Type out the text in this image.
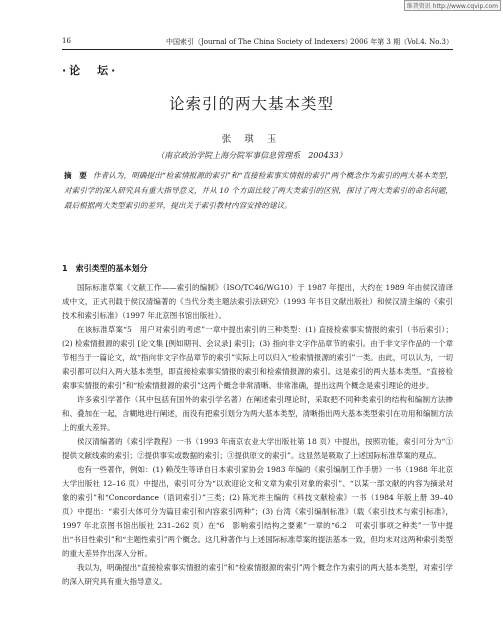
维普资讯 http://www.cqvip.com
16	中国索引（Journal of The China Society of Indexers）
2006 年第 3 期（Vol.4. No.3）
·论　坛·
论索引的两大基本类型
张 琪 玉
（南京政治学院上海分院军事信息管理系　200433）
摘　要 作者认为，明确提出“检索情报源的索引”和“直接检索事实情报的索引”两个概念作为索引的两大基本类型，对索引学的深入研究具有重大指导意义，并从 10 个方面比较了两大类索引的区别，探讨了两大类索引的命名问题，最后根据两大类型索引的差异，提出关于索引教材内容安排的建议。
1 索引类型的基本划分

国际标准草案《文献工作——索引的编制》（ISO/TC46/WG10）于 1987 年提出，大约在 1989 年由侯汉清译成中文，正式刊载于侯汉清编著的《当代分类主题法索引法研究》（1993 年书目文献出版社）和侯汉清主编的《索引技术和索引标准》（1997 年北京图书馆出版社）。

在该标准草案“5　用户对索引的考虑”一章中提出索引的三种类型：(1) 直接检索事实情报的索引（书后索引）；(2) 检索情报源的索引 [论文集 [例如期刊、会议录] 索引]；(3) 指向非文字作品章节的索引。由于非文字作品的一个章节相当于一篇论文，故“指向非文字作品章节的索引”实际上可以归入“检索情报源的索引”一类。由此，可以认为，一切索引都可以归入两大基本类型，即直接检索事实情报的索引和检索情报源的索引。这是索引的两大基本类型。“直接检索事实情报的索引”和“检索情报源的索引”这两个概念非常清晰、非常准确，提出这两个概念是索引理论的进步。

许多索引学著作（其中包括有国外的索引学名著）在阐述索引理论时，采取把不同种类索引的结构和编制方法掺和、叠加在一起，含糊地进行阐述，而没有把索引划分为两大基本类型，清晰指出两大基本类型索引在功用和编制方法上的重大差异。

侯汉清编著的《索引学教程》一书（1993 年南京农业大学出版社第 18 页）中提出，按照功能，索引可分为“①提供文献线索的索引；②提供事实或数据的索引；③提供原文的索引”。这显然是吸取了上述国际标准草案的观点。

也有一些著作，例如：(1) 赖茂生等译自日本索引家协会 1983 年编的《索引编制工作手册》一书（1988 年北京大学出版社 12–16 页）中提出，索引可分为“以欢迎论文和文章为索引对象的索引”、“以某一部文献的内容为摘录对象的索引”和“Concordance（语词索引）”三类；(2) 陈光祚主编的《科技文献检索》一书（1984 年版上册 39–40 页）中提出：“索引大体可分为篇目索引和内容索引两种”；(3) 台湾《索引编制标准》（载《索引技术与索引标准》，1997 年北京图书馆出版社 231–262 页）在“6　影响索引结构之要素”一章的“6.2　可索引事项之种类”一节中提出“书目性索引”和“主题性索引”两个概念。这几种著作与上述国际标准草案的提法基本一致，但均未对这两种索引类型的重大差异作出深入分析。

我以为，明确提出“直接检索事实情报的索引”和“检索情报源的索引”两个概念作为索引的两大基本类型，对索引学的深入研究具有重大指导意义。
